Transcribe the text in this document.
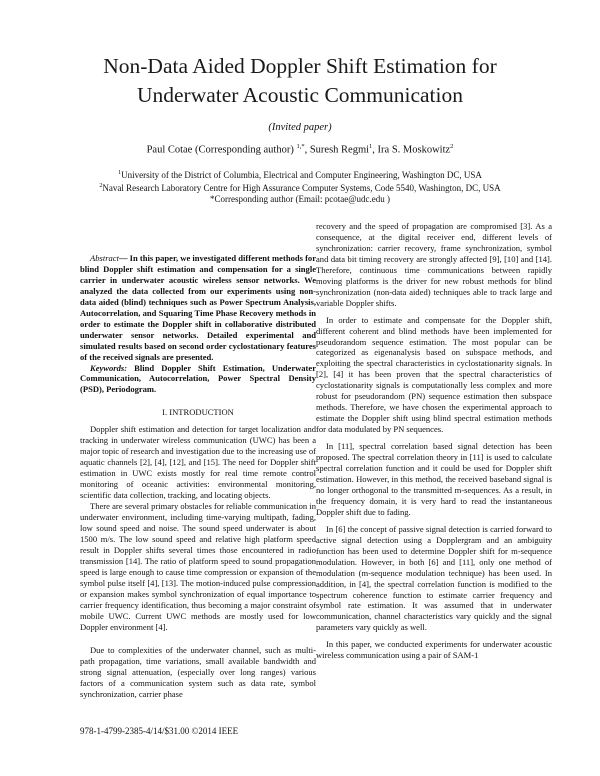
Non-Data Aided Doppler Shift Estimation for
Underwater Acoustic Communication
(Invited paper)
Paul Cotae (Corresponding author) $^{1,*}$, Suresh Regmi$^1$, Ira S. Moskowitz$^2$
$^1$University of the District of Columbia, Electrical and Computer Engineering, Washington DC, USA
$^2$Naval Research Laboratory Centre for High Assurance Computer Systems, Code 5540, Washington, DC, USA
*Corresponding author (Email: pcotae@udc.edu )

Abstract— In this paper, we investigated different methods for blind Doppler shift estimation and compensation for a single carrier in underwater acoustic wireless sensor networks. We analyzed the data collected from our experiments using non-data aided (blind) techniques such as Power Spectrum Analysis, Autocorrelation, and Squaring Time Phase Recovery methods in order to estimate the Doppler shift in collaborative distributed underwater sensor networks. Detailed experimental and simulated results based on second order cyclostationary features of the received signals are presented.

Keywords: Blind Doppler Shift Estimation, Underwater Communication, Autocorrelation, Power Spectral Density (PSD), Periodogram.

I. INTRODUCTION

Doppler shift estimation and detection for target localization and tracking in underwater wireless communication (UWC) has been a major topic of research and investigation due to the increasing use of aquatic channels [2], [4], [12], and [15]. The need for Doppler shift estimation in UWC exists mostly for real time remote control monitoring of oceanic activities: environmental monitoring, scientific data collection, tracking, and locating objects.

There are several primary obstacles for reliable communication in underwater environment, including time-varying multipath, fading, low sound speed and noise. The sound speed underwater is about 1500 m/s. The low sound speed and relative high platform speed result in Doppler shifts several times those encountered in radio transmission [14]. The ratio of platform speed to sound propagation speed is large enough to cause time compression or expansion of the symbol pulse itself [4], [13]. The motion-induced pulse compression or expansion makes symbol synchronization of equal importance to carrier frequency identification, thus becoming a major constraint of mobile UWC. Current UWC methods are mostly used for low Doppler environment [4].

Due to complexities of the underwater channel, such as multi-path propagation, time variations, small available bandwidth and strong signal attenuation, (especially over long ranges) various factors of a communication system such as data rate, symbol synchronization, carrier phase

recovery and the speed of propagation are compromised [3]. As a consequence, at the digital receiver end, different levels of synchronization: carrier recovery, frame synchronization, symbol and data bit timing recovery are strongly affected [9], [10] and [14]. Therefore, continuous time communications between rapidly moving platforms is the driver for new robust methods for blind synchronization (non-data aided) techniques able to track large and variable Doppler shifts.

In order to estimate and compensate for the Doppler shift, different coherent and blind methods have been implemented for pseudorandom sequence estimation. The most popular can be categorized as eigenanalysis based on subspace methods, and exploiting the spectral characteristics in cyclostationarity signals. In [2], [4] it has been proven that the spectral characteristics of cyclostationarity signals is computationally less complex and more robust for pseudorandom (PN) sequence estimation then subspace methods. Therefore, we have chosen the experimental approach to estimate the Doppler shift using blind spectral estimation methods for data modulated by PN sequences.

In [11], spectral correlation based signal detection has been proposed. The spectral correlation theory in [11] is used to calculate spectral correlation function and it could be used for Doppler shift estimation. However, in this method, the received baseband signal is no longer orthogonal to the transmitted m-sequences. As a result, in the frequency domain, it is very hard to read the instantaneous Doppler shift due to fading.

In [6] the concept of passive signal detection is carried forward to active signal detection using a Dopplergram and an ambiguity function has been used to determine Doppler shift for m-sequence modulation. However, in both [6] and [11], only one method of modulation (m-sequence modulation technique) has been used. In addition, in [4], the spectral correlation function is modified to the spectrum coherence function to estimate carrier frequency and symbol rate estimation. It was assumed that in underwater communication, channel characteristics vary quickly and the signal parameters vary quickly as well.

In this paper, we conducted experiments for underwater acoustic wireless communication using a pair of SAM-1

978-1-4799-2385-4/14/$31.00 ©2014 IEEE
